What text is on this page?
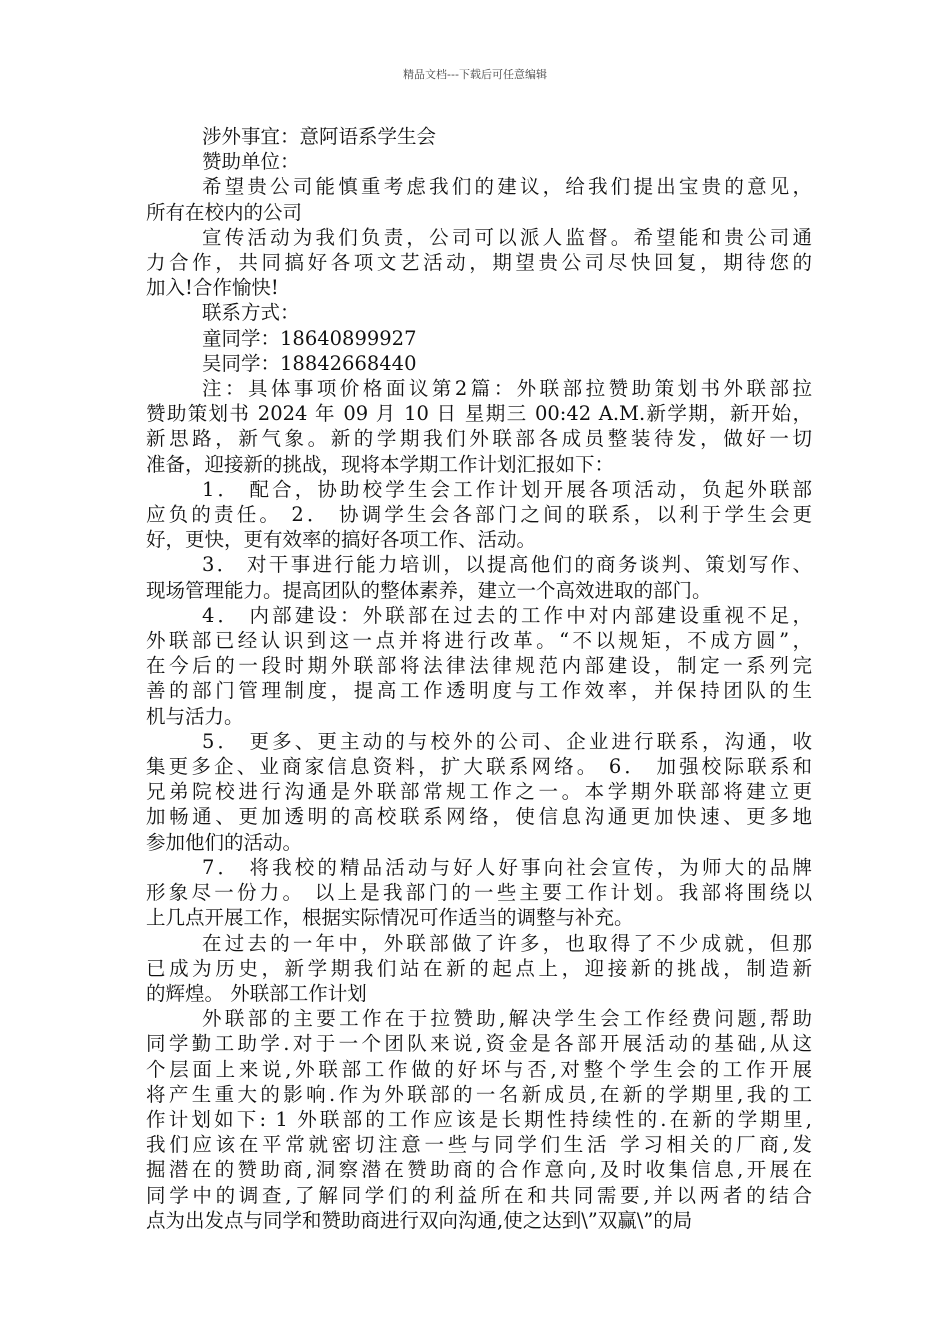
精品文档---下载后可任意编辑
涉外事宜：意阿语系学生会
赞助单位：
希望贵公司能慎重考虑我们的建议，给我们提出宝贵的意见，
所有在校内的公司
宣传活动为我们负责，公司可以派人监督。希望能和贵公司通
力合作，共同搞好各项文艺活动，期望贵公司尽快回复，期待您的
加入!合作愉快!
联系方式：
童同学：18640899927
吴同学：18842668440
注：具体事项价格面议第2篇：外联部拉赞助策划书外联部拉
赞助策划书 2024 年 09 月 10 日 星期三 00:42 A.M.新学期，新开始，
新思路，新气象。新的学期我们外联部各成员整装待发，做好一切
准备，迎接新的挑战，现将本学期工作计划汇报如下：
1． 配合，协助校学生会工作计划开展各项活动，负起外联部
应负的责任。 2． 协调学生会各部门之间的联系，以利于学生会更
好，更快，更有效率的搞好各项工作、活动。
3． 对干事进行能力培训，以提高他们的商务谈判、策划写作、
现场管理能力。提高团队的整体素养，建立一个高效进取的部门。
4． 内部建设：外联部在过去的工作中对内部建设重视不足，
外联部已经认识到这一点并将进行改革。“不以规矩，不成方圆”，
在今后的一段时期外联部将法律法律规范内部建设，制定一系列完
善的部门管理制度，提高工作透明度与工作效率，并保持团队的生
机与活力。
5． 更多、更主动的与校外的公司、企业进行联系，沟通，收
集更多企、业商家信息资料，扩大联系网络。 6． 加强校际联系和
兄弟院校进行沟通是外联部常规工作之一。本学期外联部将建立更
加畅通、更加透明的高校联系网络，使信息沟通更加快速、更多地
参加他们的活动。
7． 将我校的精品活动与好人好事向社会宣传，为师大的品牌
形象尽一份力。 以上是我部门的一些主要工作计划。我部将围绕以
上几点开展工作，根据实际情况可作适当的调整与补充。
在过去的一年中，外联部做了许多，也取得了不少成就，但那
已成为历史，新学期我们站在新的起点上，迎接新的挑战，制造新
的辉煌。 外联部工作计划
外联部的主要工作在于拉赞助,解决学生会工作经费问题,帮助
同学勤工助学.对于一个团队来说,资金是各部开展活动的基础,从这
个层面上来说,外联部工作做的好坏与否,对整个学生会的工作开展
将产生重大的影响.作为外联部的一名新成员,在新的学期里,我的工
作计划如下: 1 外联部的工作应该是长期性持续性的.在新的学期里,
我们应该在平常就密切注意一些与同学们生活 学习相关的厂商,发
掘潜在的赞助商,洞察潜在赞助商的合作意向,及时收集信息,开展在
同学中的调查,了解同学们的利益所在和共同需要,并以两者的结合
点为出发点与同学和赞助商进行双向沟通,使之达到\”双赢\”的局
